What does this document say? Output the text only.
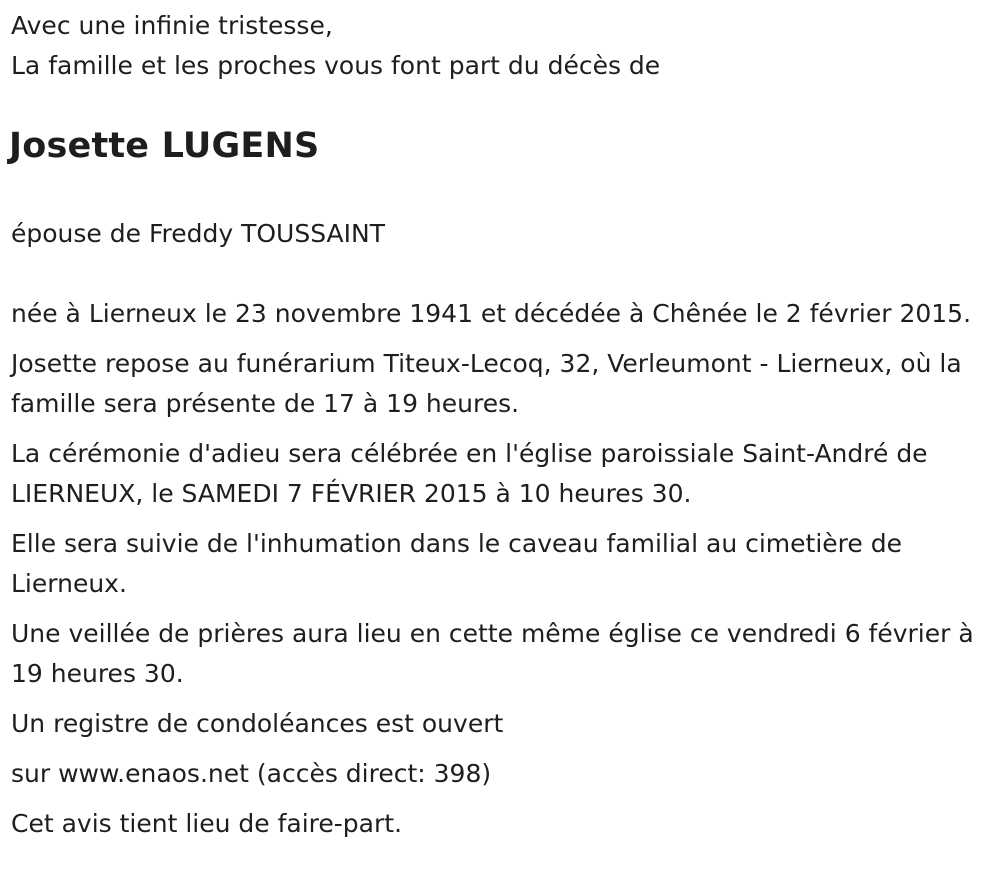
Avec une infinie tristesse,
La famille et les proches vous font part du décès de
Josette LUGENS
épouse de Freddy TOUSSAINT

née à Lierneux le 23 novembre 1941 et décédée à Chênée le 2 février 2015.

Josette repose au funérarium Titeux-Lecoq, 32, Verleumont - Lierneux, où la famille sera présente de 17 à 19 heures.

La cérémonie d'adieu sera célébrée en l'église paroissiale Saint-André de LIERNEUX, le SAMEDI 7 FÉVRIER 2015 à 10 heures 30.

Elle sera suivie de l'inhumation dans le caveau familial au cimetière de Lierneux.

Une veillée de prières aura lieu en cette même église ce vendredi 6 février à 19 heures 30.

Un registre de condoléances est ouvert

sur www.enaos.net (accès direct: 398)

Cet avis tient lieu de faire-part.
